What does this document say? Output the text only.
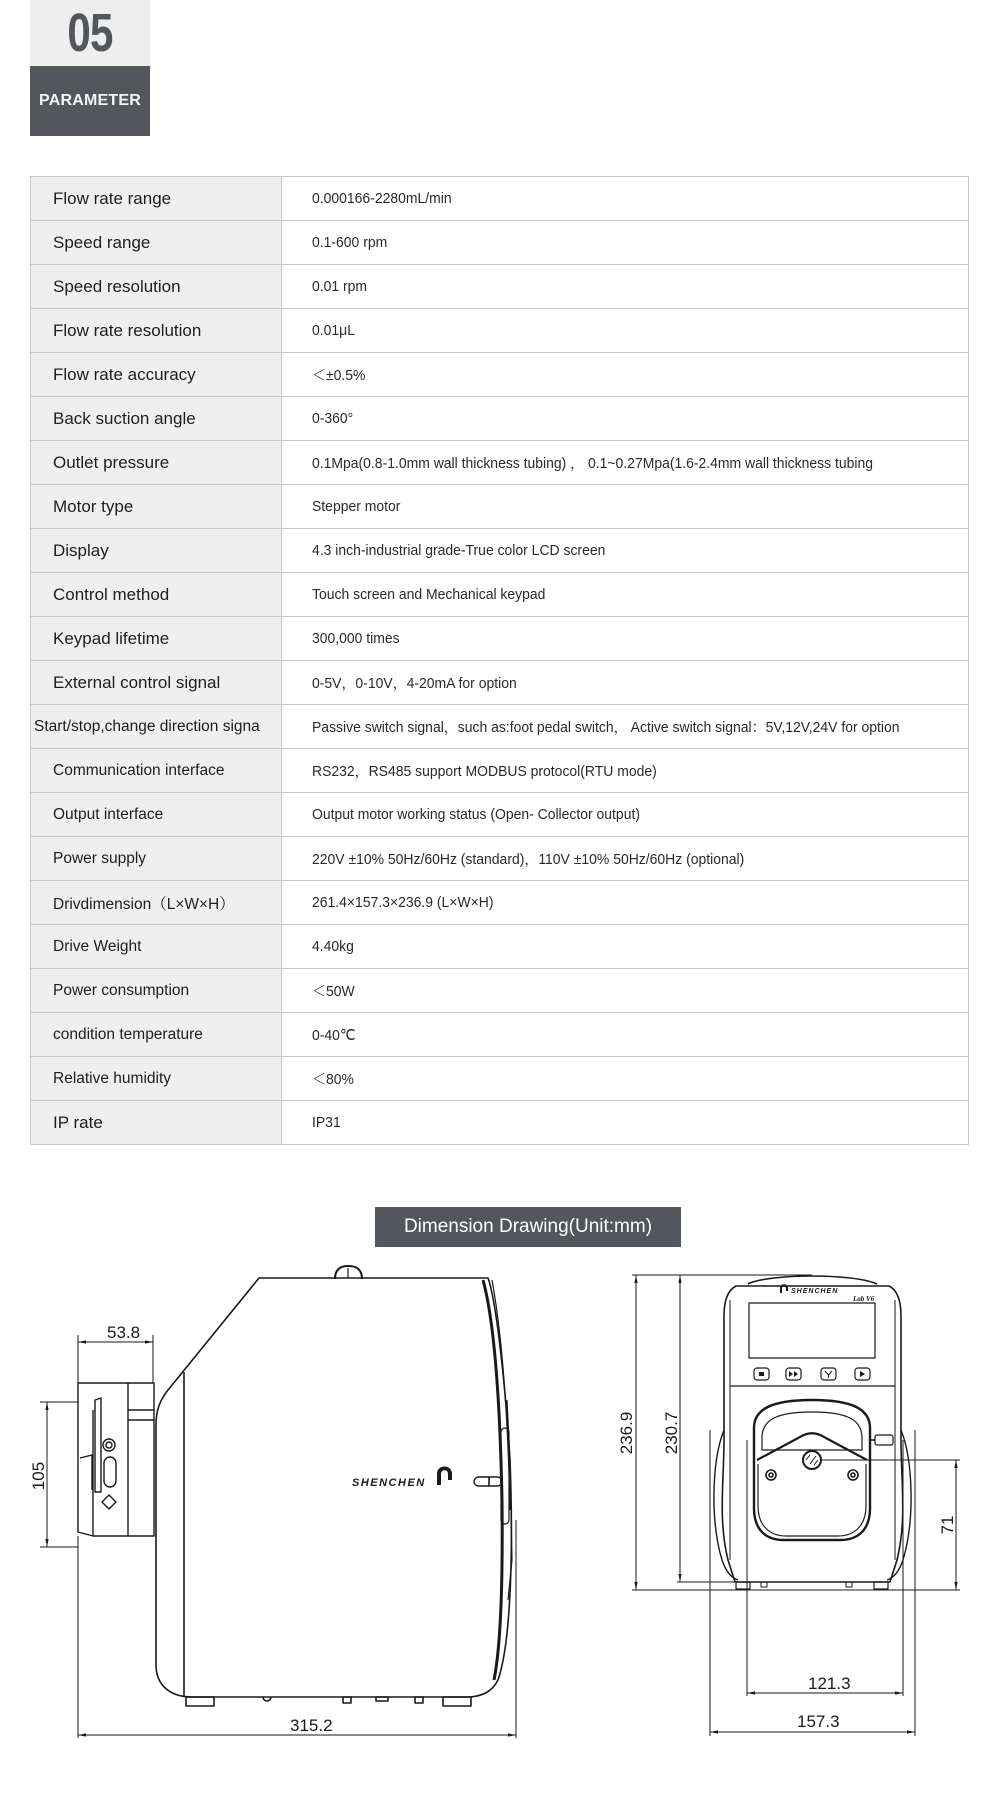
05
PARAMETER
Flow rate range	0.000166-2280mL/min
Speed range	0.1-600 rpm
Speed resolution	0.01 rpm
Flow rate resolution	0.01μL
Flow rate accuracy	＜±0.5%
Back suction angle	0-360°
Outlet pressure	0.1Mpa(0.8-1.0mm wall thickness tubing) ， 0.1~0.27Mpa(1.6-2.4mm wall thickness tubing
Motor type	Stepper motor
Display	4.3 inch-industrial grade-True color LCD screen
Control method	Touch screen and Mechanical keypad
Keypad lifetime	300,000 times
External control signal	0-5V，0-10V，4-20mA for option
Start/stop,change direction signa	Passive switch signal，such as:foot pedal switch， Active switch signal：5V,12V,24V for option
Communication interface	RS232，RS485 support MODBUS protocol(RTU mode)
Output interface	Output motor working status (Open- Collector output)
Power supply	220V ±10% 50Hz/60Hz (standard)，110V ±10% 50Hz/60Hz (optional)
Drivdimension（L×W×H）	261.4×157.3×236.9 (L×W×H)
Drive Weight	4.40kg
Power consumption	＜50W
condition temperature	0-40℃
Relative humidity	＜80%
IP rate	IP31
Dimension Drawing(Unit:mm)
SHENCHEN
53.8
105
315.2
SHENCHEN
Lab V6
236.9 230.7
71
121.3
157.3
